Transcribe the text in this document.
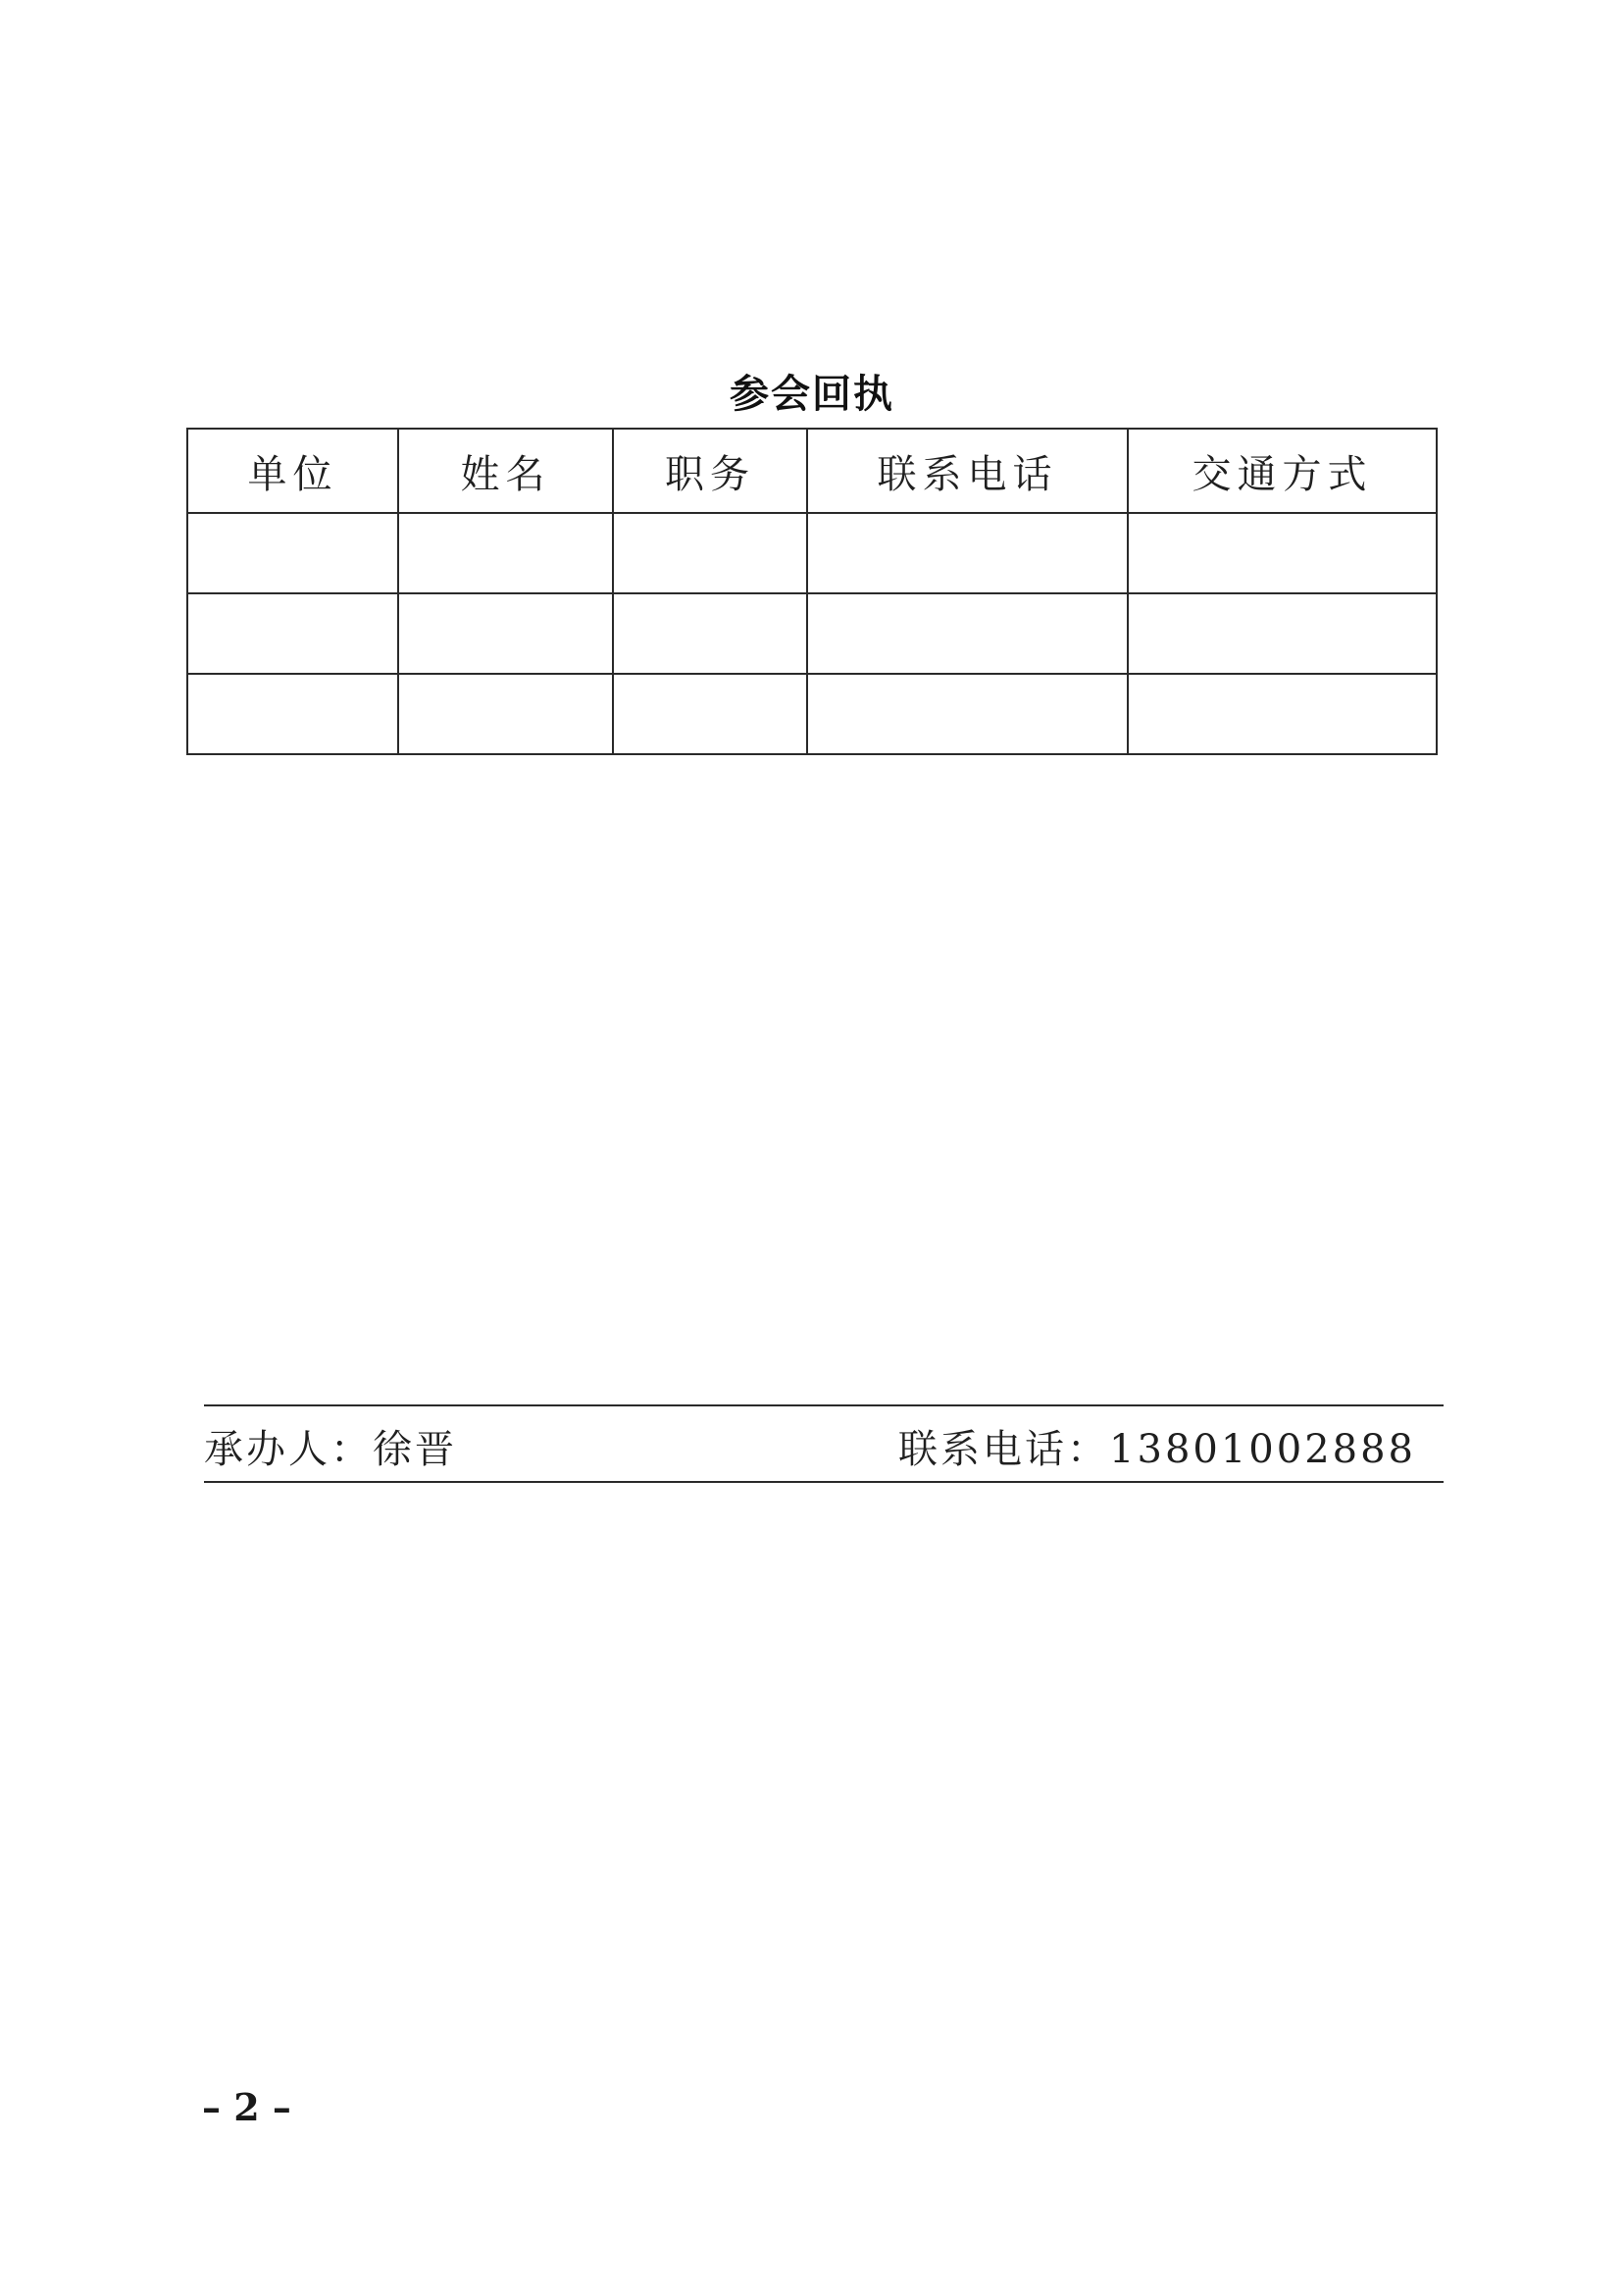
参会回执
单位	姓名	职务	联系电话	交通方式

承办人：徐晋	联系电话：13801002888
– 2 –
